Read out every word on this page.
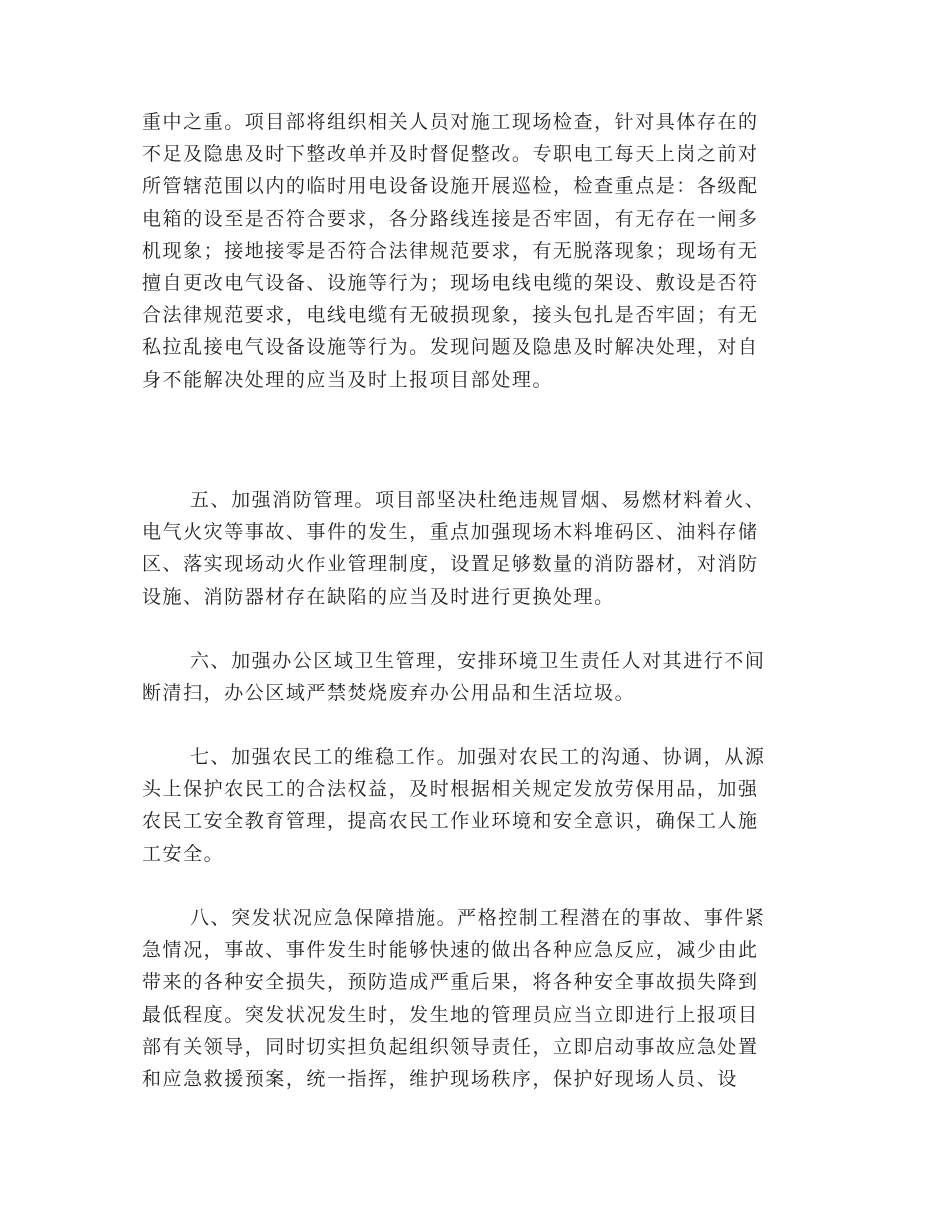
重中之重。项目部将组织相关人员对施工现场检查，针对具体存在的
不足及隐患及时下整改单并及时督促整改。专职电工每天上岗之前对
所管辖范围以内的临时用电设备设施开展巡检，检查重点是：各级配
电箱的设至是否符合要求，各分路线连接是否牢固，有无存在一闸多
机现象；接地接零是否符合法律规范要求，有无脱落现象；现场有无
擅自更改电气设备、设施等行为；现场电线电缆的架设、敷设是否符
合法律规范要求，电线电缆有无破损现象，接头包扎是否牢固；有无
私拉乱接电气设备设施等行为。发现问题及隐患及时解决处理，对自
身不能解决处理的应当及时上报项目部处理。
五、加强消防管理。项目部坚决杜绝违规冒烟、易燃材料着火、
电气火灾等事故、事件的发生，重点加强现场木料堆码区、油料存储
区、落实现场动火作业管理制度，设置足够数量的消防器材，对消防
设施、消防器材存在缺陷的应当及时进行更换处理。
六、加强办公区域卫生管理，安排环境卫生责任人对其进行不间
断清扫，办公区域严禁焚烧废弃办公用品和生活垃圾。
七、加强农民工的维稳工作。加强对农民工的沟通、协调，从源
头上保护农民工的合法权益，及时根据相关规定发放劳保用品，加强
农民工安全教育管理，提高农民工作业环境和安全意识，确保工人施
工安全。
八、突发状况应急保障措施。严格控制工程潜在的事故、事件紧
急情况，事故、事件发生时能够快速的做出各种应急反应，减少由此
带来的各种安全损失，预防造成严重后果，将各种安全事故损失降到
最低程度。突发状况发生时，发生地的管理员应当立即进行上报项目
部有关领导，同时切实担负起组织领导责任，立即启动事故应急处置
和应急救援预案，统一指挥，维护现场秩序，保护好现场人员、设
